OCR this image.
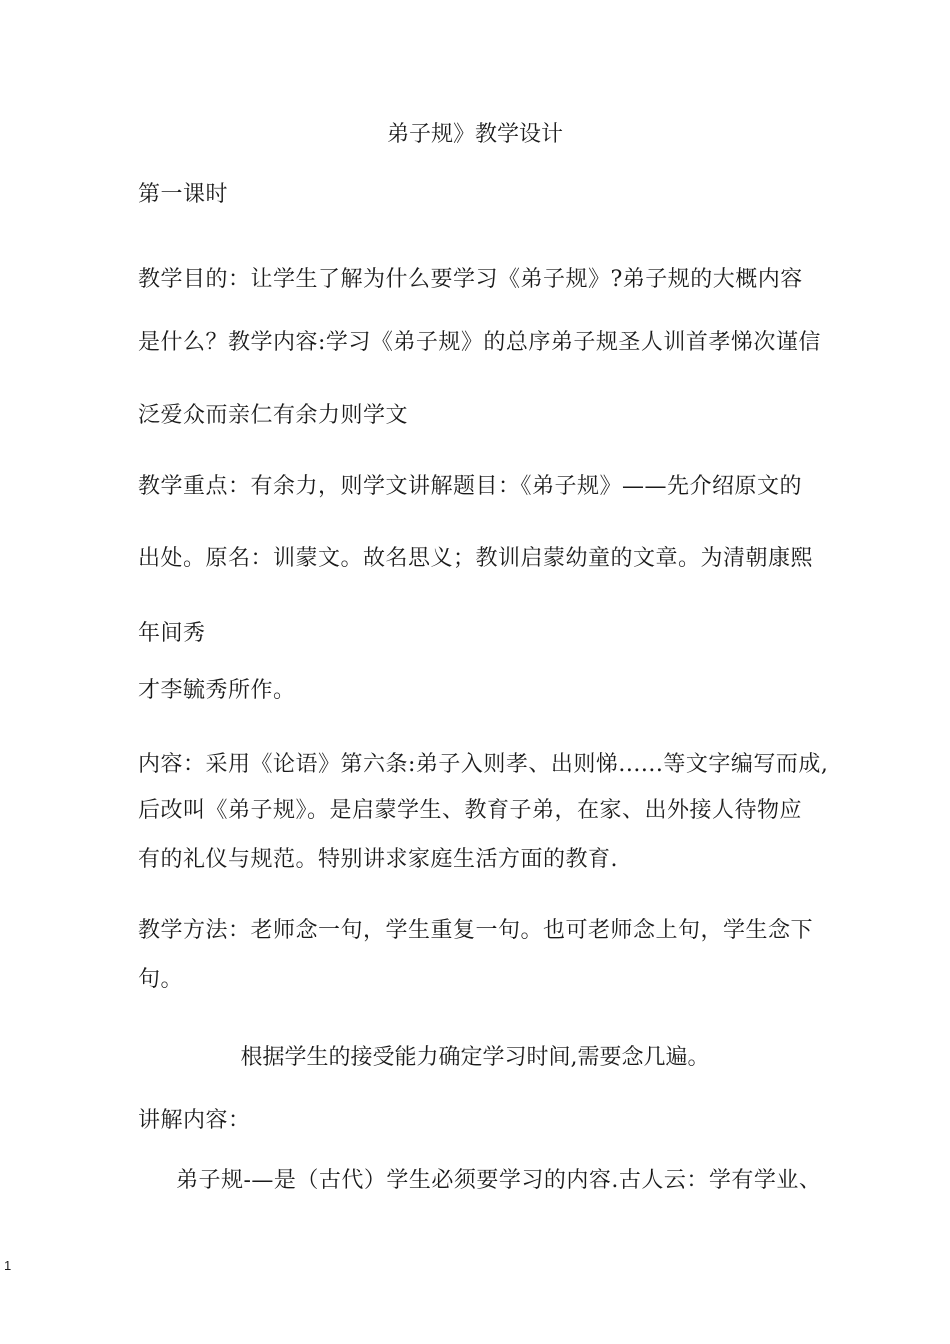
弟子规》教学设计
第一课时
教学目的：让学生了解为什么要学习《弟子规》?弟子规的大概内容
是什么？教学内容:学习《弟子规》的总序弟子规圣人训首孝悌次谨信
泛爱众而亲仁有余力则学文
教学重点：有余力，则学文讲解题目：《弟子规》——先介绍原文的
出处。原名：训蒙文。故名思义；教训启蒙幼童的文章。为清朝康熙
年间秀
才李毓秀所作。
内容：采用《论语》第六条:弟子入则孝、出则悌......等文字编写而成,
后改叫《弟子规》。是启蒙学生、教育子弟，在家、出外接人待物应
有的礼仪与规范。特别讲求家庭生活方面的教育.
教学方法：老师念一句，学生重复一句。也可老师念上句，学生念下
句。
根据学生的接受能力确定学习时间,需要念几遍。
讲解内容：
弟子规-—是（古代）学生必须要学习的内容.古人云：学有学业、
1
